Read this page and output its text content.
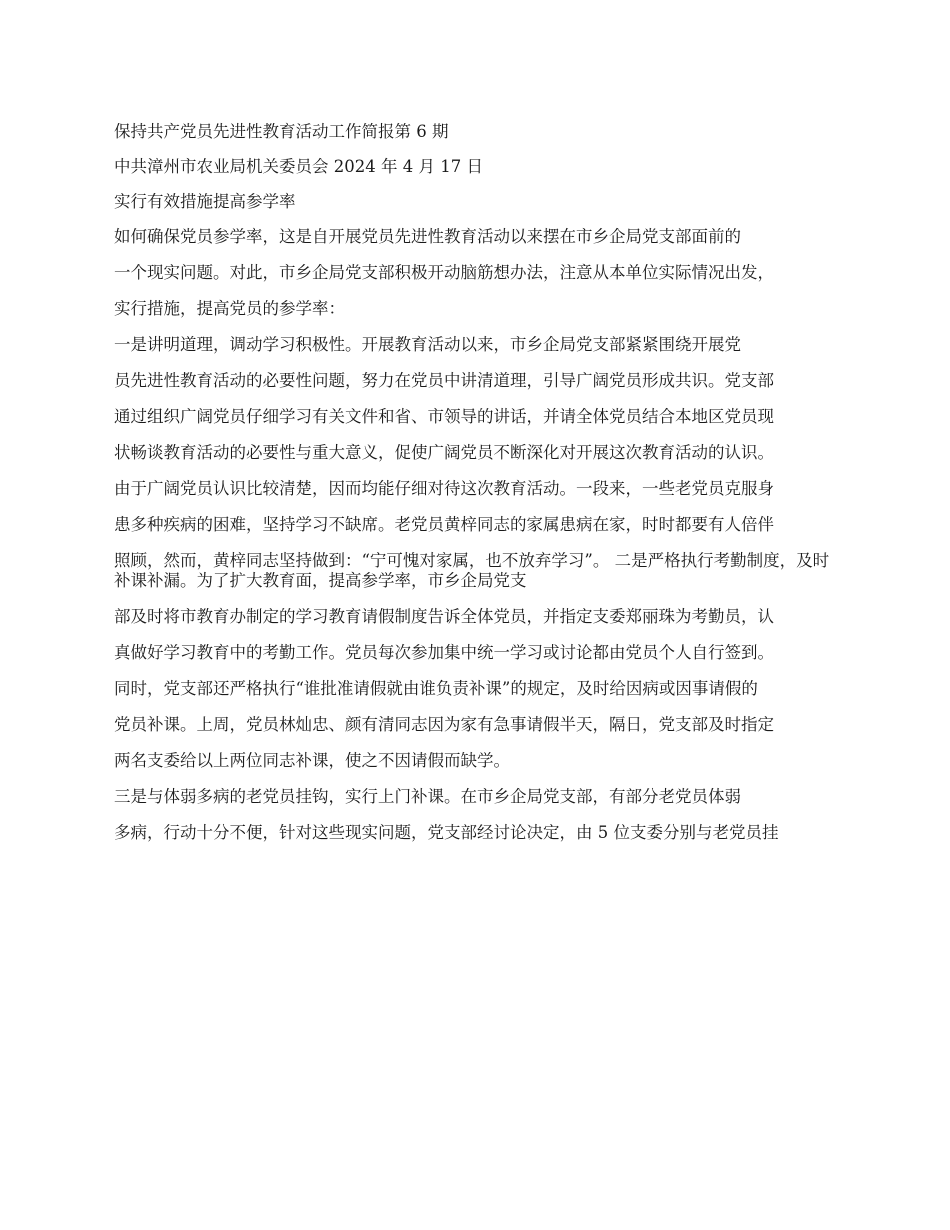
保持共产党员先进性教育活动工作简报第 6 期

中共漳州市农业局机关委员会 2024 年 4 月 17 日

实行有效措施提高参学率

如何确保党员参学率，这是自开展党员先进性教育活动以来摆在市乡企局党支部面前的

一个现实问题。对此，市乡企局党支部积极开动脑筋想办法，注意从本单位实际情况出发，

实行措施，提高党员的参学率：

一是讲明道理，调动学习积极性。开展教育活动以来，市乡企局党支部紧紧围绕开展党

员先进性教育活动的必要性问题，努力在党员中讲清道理，引导广阔党员形成共识。党支部

通过组织广阔党员仔细学习有关文件和省、市领导的讲话，并请全体党员结合本地区党员现

状畅谈教育活动的必要性与重大意义，促使广阔党员不断深化对开展这次教育活动的认识。

由于广阔党员认识比较清楚，因而均能仔细对待这次教育活动。一段来，一些老党员克服身

患多种疾病的困难，坚持学习不缺席。老党员黄梓同志的家属患病在家，时时都要有人倍伴

照顾，然而，黄梓同志坚持做到：“宁可愧对家属，也不放弃学习”。 二是严格执行考勤制度，及时补课补漏。为了扩大教育面，提高参学率，市乡企局党支

部及时将市教育办制定的学习教育请假制度告诉全体党员，并指定支委郑丽珠为考勤员，认

真做好学习教育中的考勤工作。党员每次参加集中统一学习或讨论都由党员个人自行签到。

同时，党支部还严格执行“谁批准请假就由谁负责补课”的规定，及时给因病或因事请假的

党员补课。上周，党员林灿忠、颜有清同志因为家有急事请假半天，隔日，党支部及时指定

两名支委给以上两位同志补课，使之不因请假而缺学。

三是与体弱多病的老党员挂钩，实行上门补课。在市乡企局党支部，有部分老党员体弱

多病，行动十分不便，针对这些现实问题，党支部经讨论决定，由 5 位支委分别与老党员挂
